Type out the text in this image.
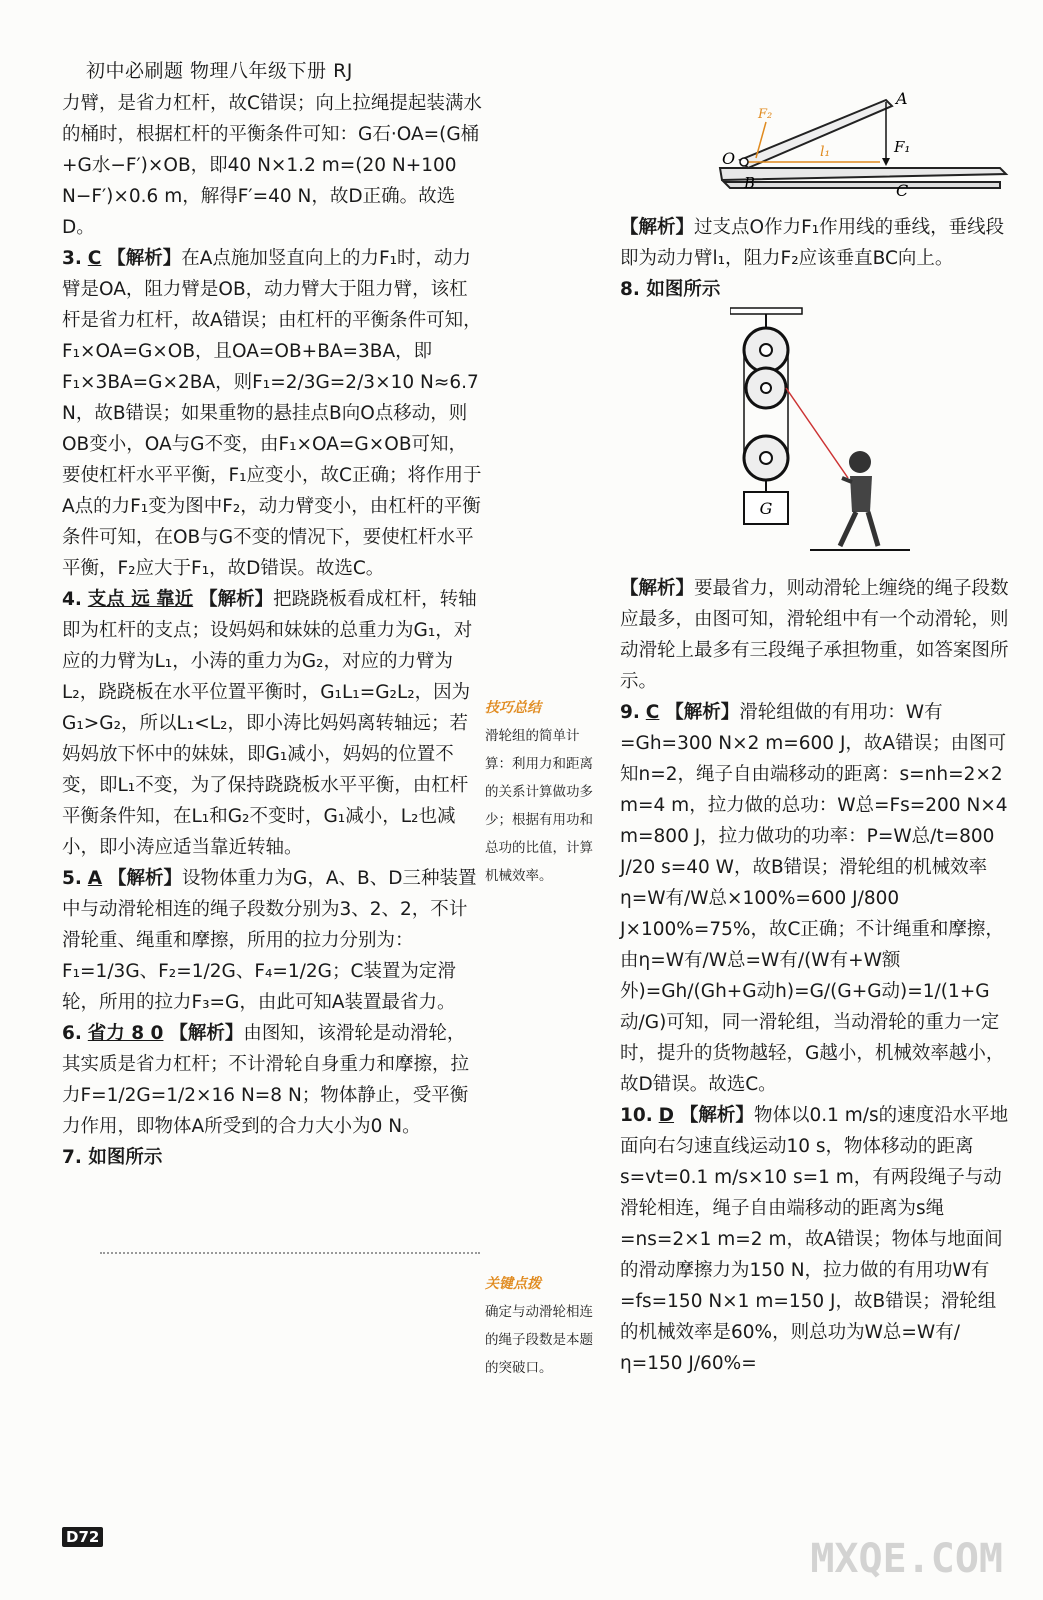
初中必刷题 物理八年级下册 RJ

力臂，是省力杠杆，故C错误；向上拉绳提起装满水的桶时，根据杠杆的平衡条件可知：G石·OA=(G桶+G水−F′)×OB，即40 N×1.2 m=(20 N+100 N−F′)×0.6 m，解得F′=40 N，故D正确。故选D。

3. C 【解析】在A点施加竖直向上的力F₁时，动力臂是OA，阻力臂是OB，动力臂大于阻力臂，该杠杆是省力杠杆，故A错误；由杠杆的平衡条件可知，F₁×OA=G×OB，且OA=OB+BA=3BA，即F₁×3BA=G×2BA，则F₁=2/3G=2/3×10 N≈6.7 N，故B错误；如果重物的悬挂点B向O点移动，则OB变小，OA与G不变，由F₁×OA=G×OB可知，要使杠杆水平平衡，F₁应变小，故C正确；将作用于A点的力F₁变为图中F₂，动力臂变小，由杠杆的平衡条件可知，在OB与G不变的情况下，要使杠杆水平平衡，F₂应大于F₁，故D错误。故选C。

4. 支点 远 靠近 【解析】把跷跷板看成杠杆，转轴即为杠杆的支点；设妈妈和妹妹的总重力为G₁，对应的力臂为L₁，小涛的重力为G₂，对应的力臂为L₂，跷跷板在水平位置平衡时，G₁L₁=G₂L₂，因为G₁>G₂，所以L₁<L₂，即小涛比妈妈离转轴远；若妈妈放下怀中的妹妹，即G₁减小，妈妈的位置不变，即L₁不变，为了保持跷跷板水平平衡，由杠杆平衡条件知，在L₁和G₂不变时，G₁减小，L₂也减小，即小涛应适当靠近转轴。

5. A 【解析】设物体重力为G，A、B、D三种装置中与动滑轮相连的绳子段数分别为3、2、2，不计滑轮重、绳重和摩擦，所用的拉力分别为：F₁=1/3G、F₂=1/2G、F₄=1/2G；C装置为定滑轮，所用的拉力F₃=G，由此可知A装置最省力。

6. 省力 8 0 【解析】由图知，该滑轮是动滑轮，其实质是省力杠杆；不计滑轮自身重力和摩擦，拉力F=1/2G=1/2×16 N=8 N；物体静止，受平衡力作用，即物体A所受到的合力大小为0 N。

7. 如图所示

技巧总结
滑轮组的简单计算：利用力和距离的关系计算做功多少；根据有用功和总功的比值，计算机械效率。
关键点拨
确定与动滑轮相连的绳子段数是本题的突破口。
A
O
B	C
F₁
l₁
F₂

【解析】过支点O作力F₁作用线的垂线，垂线段即为动力臂l₁，阻力F₂应该垂直BC向上。

8. 如图所示

【解析】要最省力，则动滑轮上缠绕的绳子段数应最多，由图可知，滑轮组中有一个动滑轮，则动滑轮上最多有三段绳子承担物重，如答案图所示。

9. C 【解析】滑轮组做的有用功：W有=Gh=300 N×2 m=600 J，故A错误；由图可知n=2，绳子自由端移动的距离：s=nh=2×2 m=4 m，拉力做的总功：W总=Fs=200 N×4 m=800 J，拉力做功的功率：P=W总/t=800 J/20 s=40 W，故B错误；滑轮组的机械效率η=W有/W总×100%=600 J/800 J×100%=75%，故C正确；不计绳重和摩擦，由η=W有/W总=W有/(W有+W额外)=Gh/(Gh+G动h)=G/(G+G动)=1/(1+G动/G)可知，同一滑轮组，当动滑轮的重力一定时，提升的货物越轻，G越小，机械效率越小，故D错误。故选C。

10. D 【解析】物体以0.1 m/s的速度沿水平地面向右匀速直线运动10 s，物体移动的距离s=vt=0.1 m/s×10 s=1 m，有两段绳子与动滑轮相连，绳子自由端移动的距离为s绳=ns=2×1 m=2 m，故A错误；物体与地面间的滑动摩擦力为150 N，拉力做的有用功W有=fs=150 N×1 m=150 J，故B错误；滑轮组的机械效率是60%，则总功为W总=W有/η=150 J/60%=

G
D72	MXQE.COM
